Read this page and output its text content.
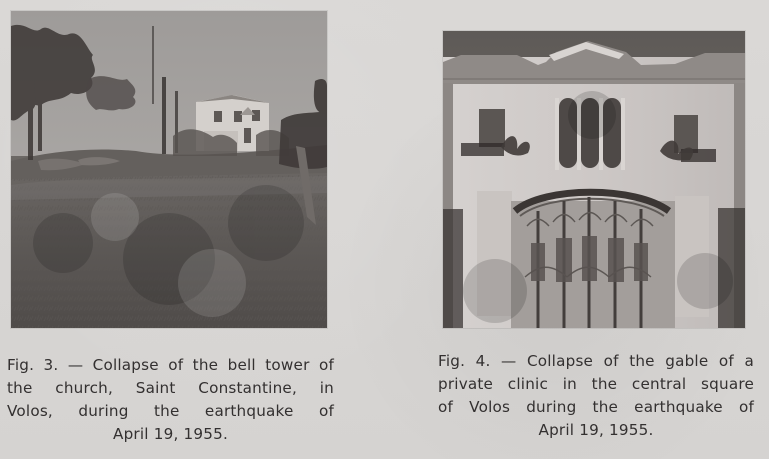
Fig. 3. — Collapse of the bell tower of
the church, Saint Constantine, in
Volos, during the earthquake of
April 19, 1955.

Fig. 4. — Collapse of the gable of a
private clinic in the central square
of Volos during the earthquake of
April 19, 1955.
